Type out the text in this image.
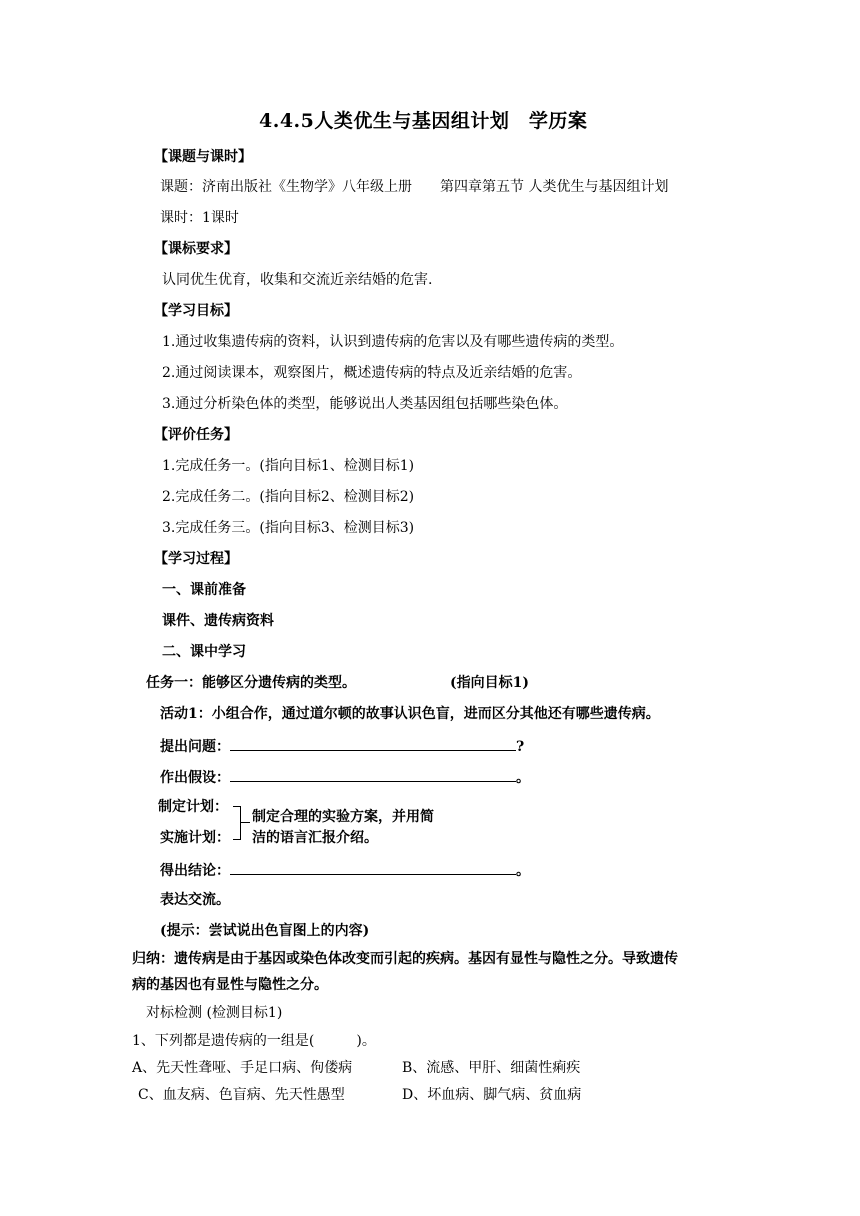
4.4.5人类优生与基因组计划　学历案
【课题与课时】
课题：济南出版社《生物学》八年级上册　　第四章第五节 人类优生与基因组计划
课时：1课时
【课标要求】
认同优生优育，收集和交流近亲结婚的危害.
【学习目标】
1.通过收集遗传病的资料，认识到遗传病的危害以及有哪些遗传病的类型。
2.通过阅读课本，观察图片，概述遗传病的特点及近亲结婚的危害。
3.通过分析染色体的类型，能够说出人类基因组包括哪些染色体。
【评价任务】
1.完成任务一。(指向目标1、检测目标1)
2.完成任务二。(指向目标2、检测目标2)
3.完成任务三。(指向目标3、检测目标3)
【学习过程】
一、课前准备
课件、遗传病资料
二、课中学习
任务一：能够区分遗传病的类型。	(指向目标1)
活动1：小组合作，通过道尔顿的故事认识色盲，进而区分其他还有哪些遗传病。
提出问题：	?
作出假设：	。
制定计划：
实施计划：
制定合理的实验方案，并用简
洁的语言汇报介绍。
得出结论：	。
表达交流。
(提示：尝试说出色盲图上的内容)
归纳：遗传病是由于基因或染色体改变而引起的疾病。基因有显性与隐性之分。导致遗传
病的基因也有显性与隐性之分。
对标检测 (检测目标1)
1、下列都是遗传病的一组是(　　　)。
A、先天性聋哑、手足口病、佝偻病	B、流感、甲肝、细菌性痢疾
C、血友病、色盲病、先天性愚型	D、坏血病、脚气病、贫血病
